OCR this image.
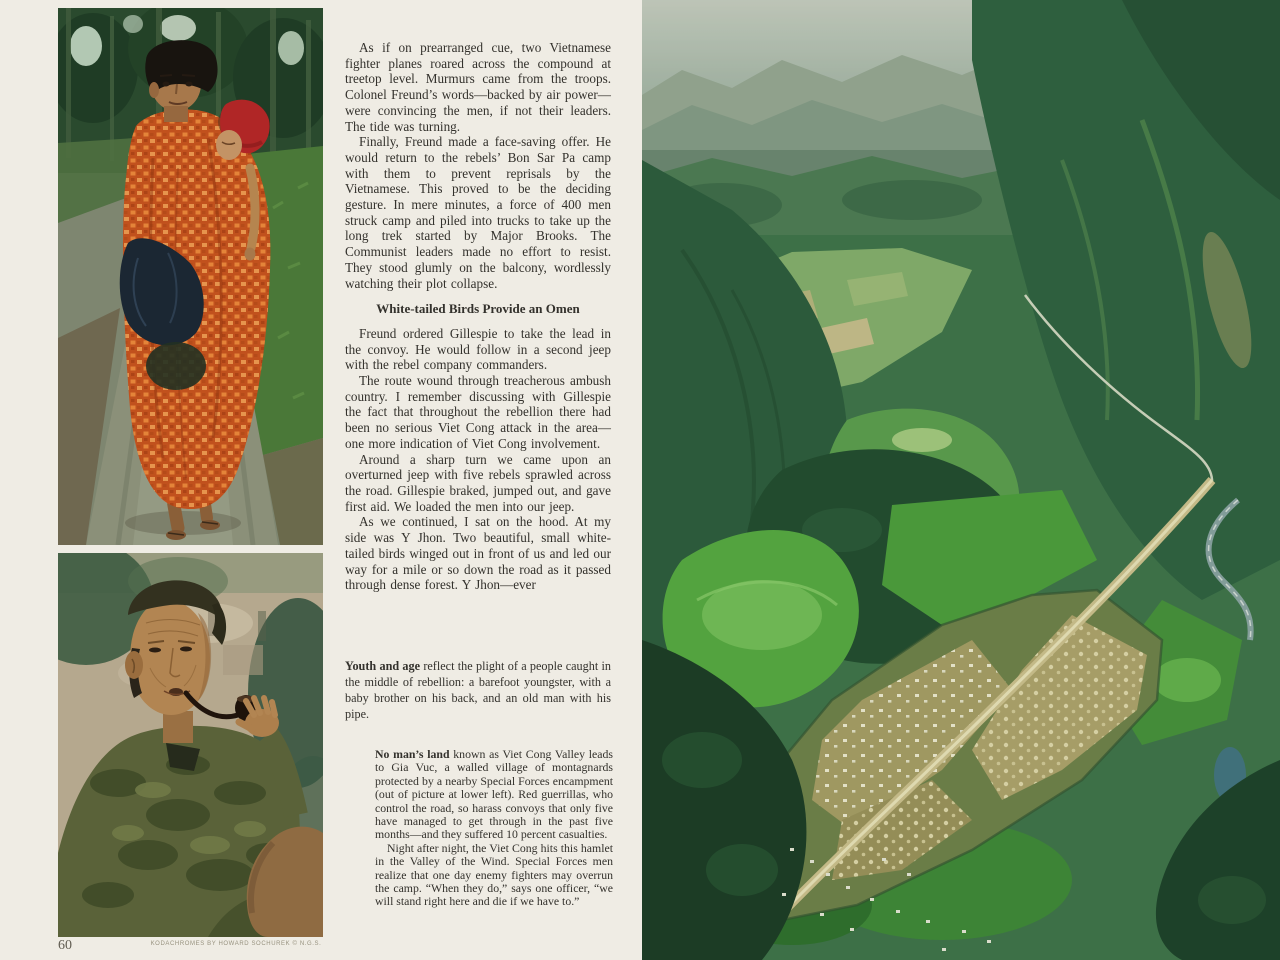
As if on prearranged cue, two Vietnamese fighter planes roared across the compound at treetop level. Murmurs came from the troops. Colonel Freund’s words—backed by air power—were convincing the men, if not their leaders. The tide was turning.

Finally, Freund made a face-saving offer. He would return to the rebels’ Bon Sar Pa camp with them to prevent reprisals by the Vietnamese. This proved to be the deciding gesture. In mere minutes, a force of 400 men struck camp and piled into trucks to take up the long trek started by Major Brooks. The Communist leaders made no effort to resist. They stood glumly on the balcony, wordlessly watching their plot collapse.

White-tailed Birds Provide an Omen

Freund ordered Gillespie to take the lead in the convoy. He would follow in a second jeep with the rebel company commanders.

The route wound through treacherous ambush country. I remember discussing with Gillespie the fact that throughout the rebellion there had been no serious Viet Cong attack in the area—one more indication of Viet Cong involvement.

Around a sharp turn we came upon an overturned jeep with five rebels sprawled across the road. Gillespie braked, jumped out, and gave first aid. We loaded the men into our jeep.

As we continued, I sat on the hood. At my side was Y Jhon. Two beautiful, small white-tailed birds winged out in front of us and led our way for a mile or so down the road as it passed through dense forest. Y Jhon—ever

Youth and age reflect the plight of a people caught in the middle of rebellion: a barefoot youngster, with a baby brother on his back, and an old man with his pipe.

No man’s land known as Viet Cong Valley leads to Gia Vuc, a walled village of montagnards protected by a nearby Special Forces encampment (out of picture at lower left). Red guerrillas, who control the road, so harass convoys that only five have managed to get through in the past five months—and they suffered 10 percent casualties.

Night after night, the Viet Cong hits this hamlet in the Valley of the Wind. Special Forces men realize that one day enemy fighters may overrun the camp. “When they do,” says one officer, “we will stand right here and die if we have to.”

60	KODACHROMES BY HOWARD SOCHUREK © N.G.S.
